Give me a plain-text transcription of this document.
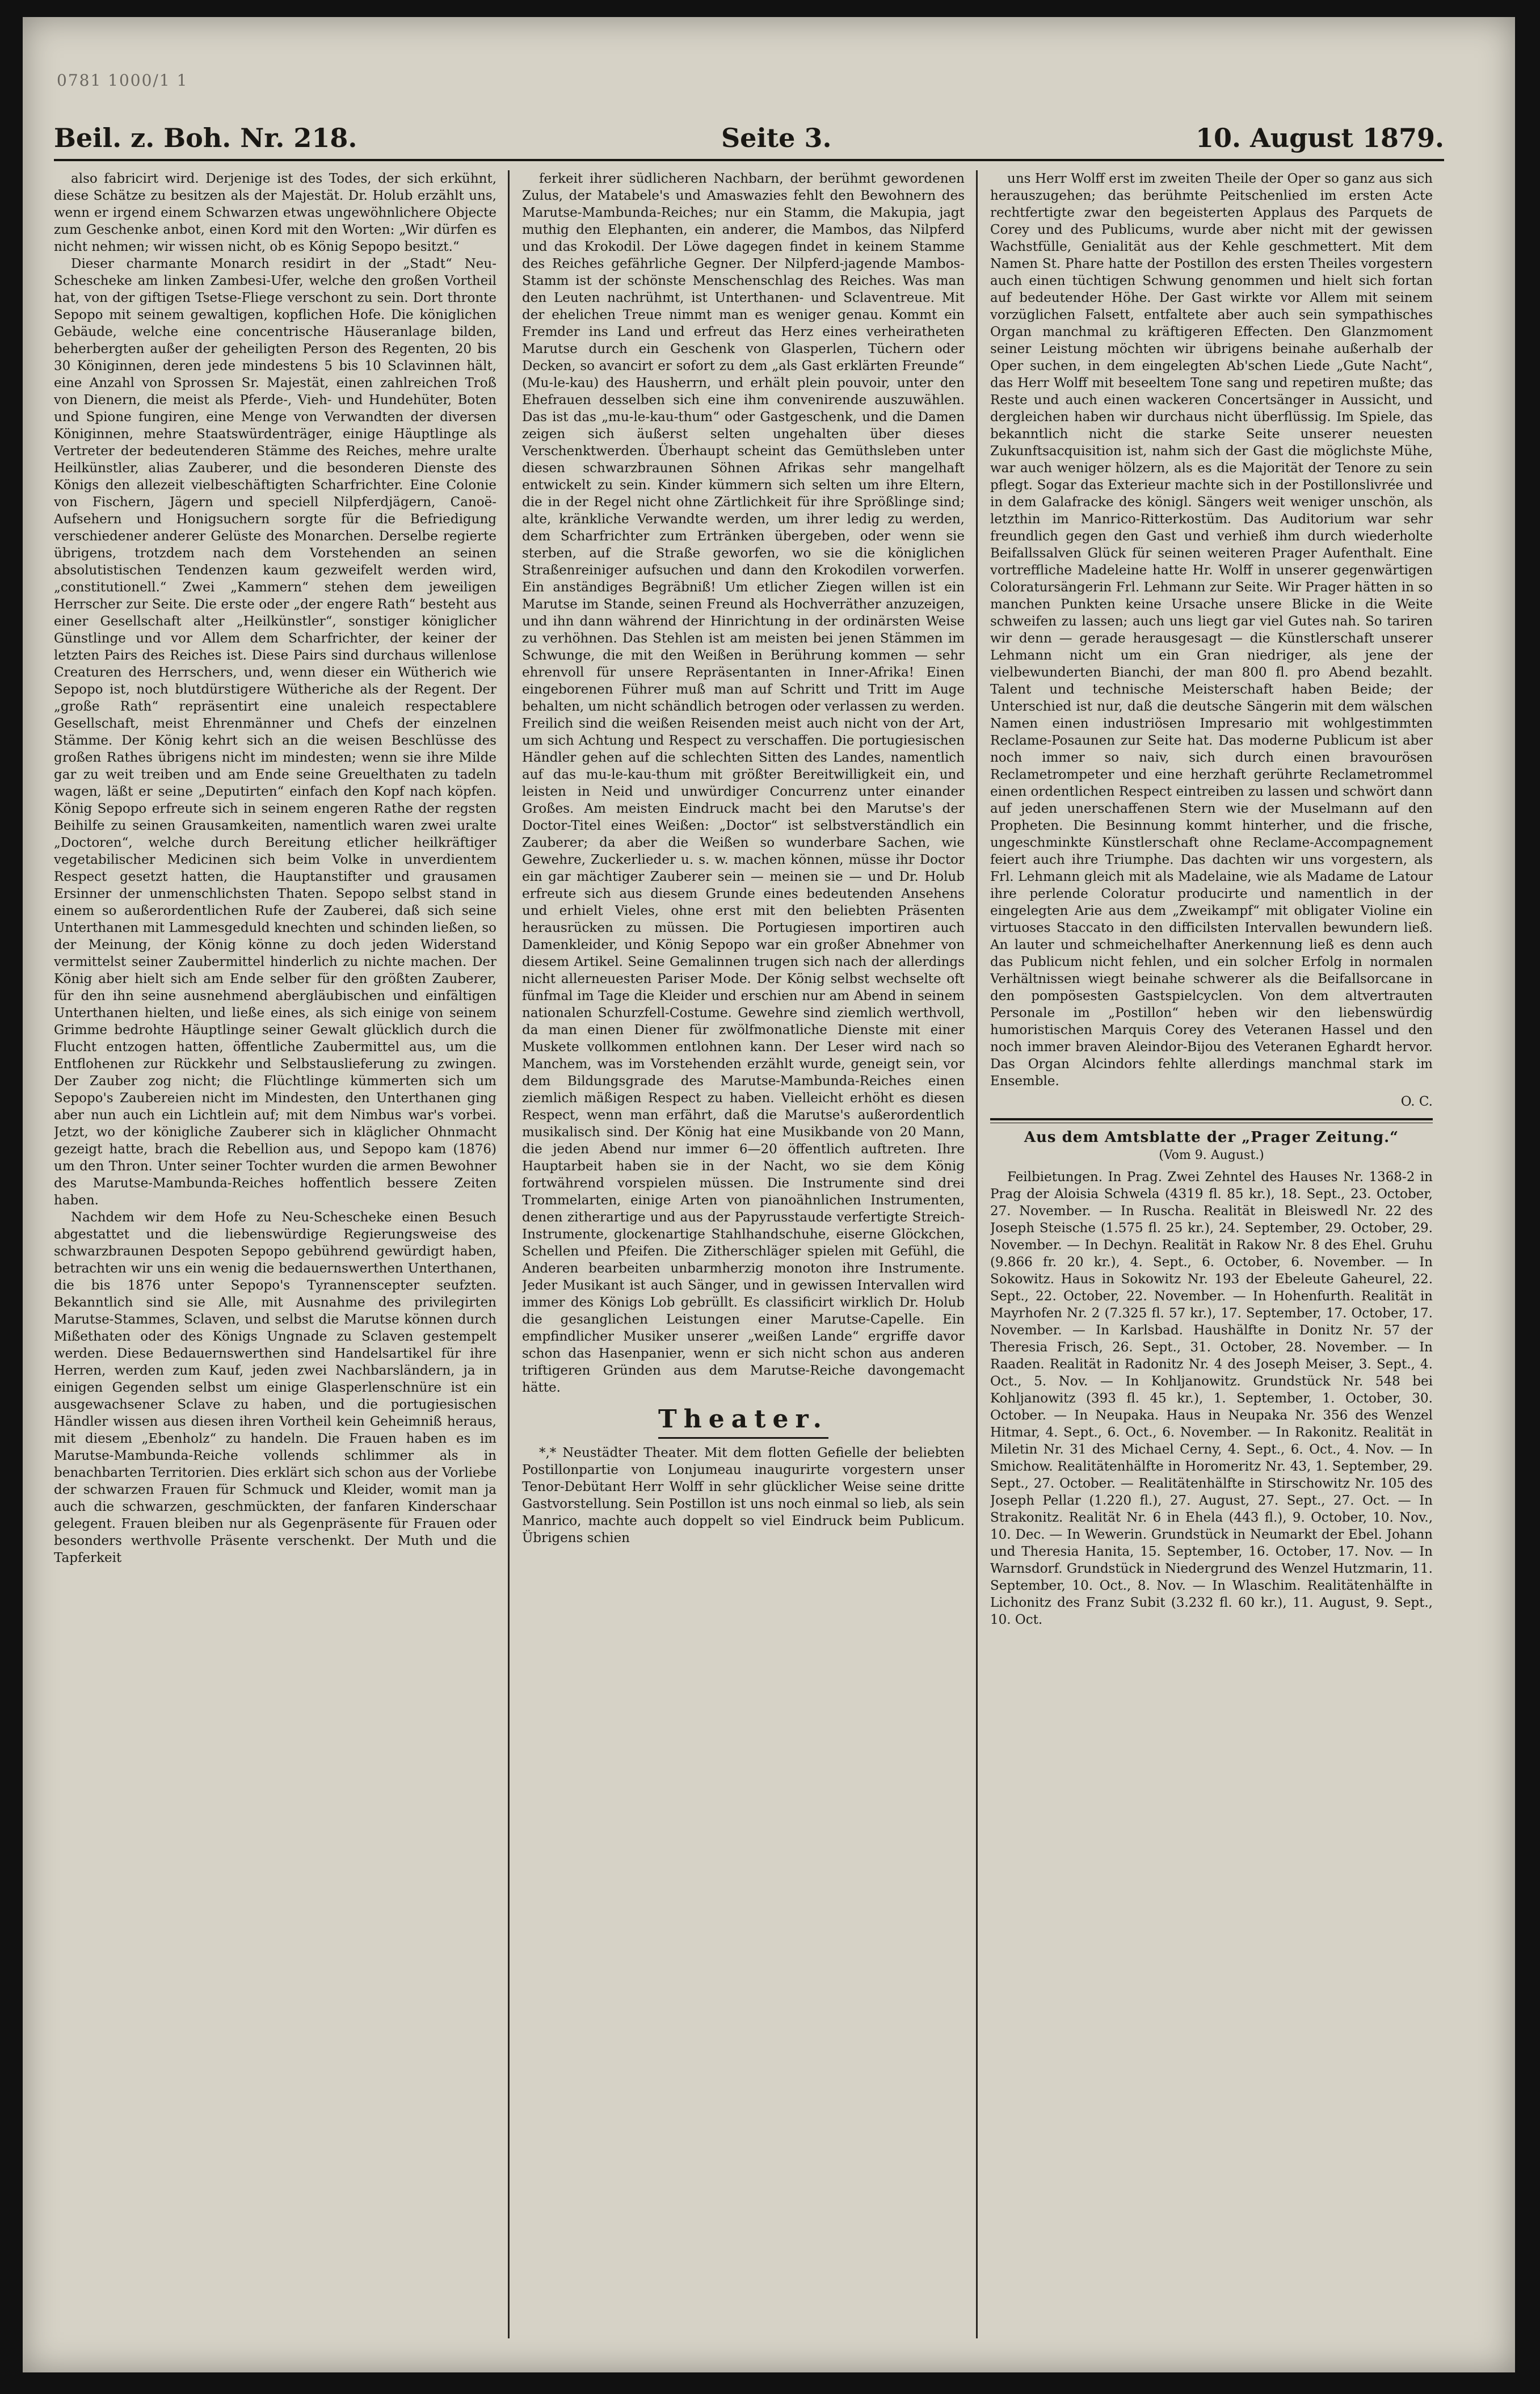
0781 1000/1 1
Beil. z. Boh. Nr. 218.	Seite 3.	10. August 1879.

also fabricirt wird. Derjenige ist des Todes, der sich erkühnt, diese Schätze zu besitzen als der Majestät. Dr. Holub erzählt uns, wenn er irgend einem Schwarzen etwas ungewöhnlichere Objecte zum Geschenke anbot, einen Kord mit den Worten: „Wir dürfen es nicht nehmen; wir wissen nicht, ob es König Sepopo besitzt.“

Dieser charmante Monarch residirt in der „Stadt“ Neu-Schescheke am linken Zambesi-Ufer, welche den großen Vortheil hat, von der giftigen Tsetse-Fliege verschont zu sein. Dort thronte Sepopo mit seinem gewaltigen, kopflichen Hofe. Die königlichen Gebäude, welche eine concentrische Häuseranlage bilden, beherbergten außer der geheiligten Person des Regenten, 20 bis 30 Königinnen, deren jede mindestens 5 bis 10 Sclavinnen hält, eine Anzahl von Sprossen Sr. Majestät, einen zahlreichen Troß von Dienern, die meist als Pferde-, Vieh- und Hundehüter, Boten und Spione fungiren, eine Menge von Verwandten der diversen Königinnen, mehre Staatswürdenträger, einige Häuptlinge als Vertreter der bedeutenderen Stämme des Reiches, mehre uralte Heilkünstler, alias Zauberer, und die besonderen Dienste des Königs den allezeit vielbeschäftigten Scharfrichter. Eine Colonie von Fischern, Jägern und speciell Nilpferdjägern, Canoë-Aufsehern und Honigsuchern sorgte für die Befriedigung verschiedener anderer Gelüste des Monarchen. Derselbe regierte übrigens, trotzdem nach dem Vorstehenden an seinen absolutistischen Tendenzen kaum gezweifelt werden wird, „constitutionell.“ Zwei „Kammern“ stehen dem jeweiligen Herrscher zur Seite. Die erste oder „der engere Rath“ besteht aus einer Gesellschaft alter „Heilkünstler“, sonstiger königlicher Günstlinge und vor Allem dem Scharfrichter, der keiner der letzten Pairs des Reiches ist. Diese Pairs sind durchaus willenlose Creaturen des Herrschers, und, wenn dieser ein Wütherich wie Sepopo ist, noch blutdürstigere Wütheriche als der Regent. Der „große Rath“ repräsentirt eine unaleich respectablere Gesellschaft, meist Ehrenmänner und Chefs der einzelnen Stämme. Der König kehrt sich an die weisen Beschlüsse des großen Rathes übrigens nicht im mindesten; wenn sie ihre Milde gar zu weit treiben und am Ende seine Greuelthaten zu tadeln wagen, läßt er seine „Deputirten“ einfach den Kopf nach köpfen. König Sepopo erfreute sich in seinem engeren Rathe der regsten Beihilfe zu seinen Grausamkeiten, namentlich waren zwei uralte „Doctoren“, welche durch Bereitung etlicher heilkräftiger vegetabilischer Medicinen sich beim Volke in unverdientem Respect gesetzt hatten, die Hauptanstifter und grausamen Ersinner der unmenschlichsten Thaten. Sepopo selbst stand in einem so außerordentlichen Rufe der Zauberei, daß sich seine Unterthanen mit Lammesgeduld knechten und schinden ließen, so der Meinung, der König könne zu doch jeden Widerstand vermittelst seiner Zaubermittel hinderlich zu nichte machen. Der König aber hielt sich am Ende selber für den größten Zauberer, für den ihn seine ausnehmend abergläubischen und einfältigen Unterthanen hielten, und ließe eines, als sich einige von seinem Grimme bedrohte Häuptlinge seiner Gewalt glücklich durch die Flucht entzogen hatten, öffentliche Zaubermittel aus, um die Entflohenen zur Rückkehr und Selbstauslieferung zu zwingen. Der Zauber zog nicht; die Flüchtlinge kümmerten sich um Sepopo's Zaubereien nicht im Mindesten, den Unterthanen ging aber nun auch ein Lichtlein auf; mit dem Nimbus war's vorbei. Jetzt, wo der königliche Zauberer sich in kläglicher Ohnmacht gezeigt hatte, brach die Rebellion aus, und Sepopo kam (1876) um den Thron. Unter seiner Tochter wurden die armen Bewohner des Marutse-Mambunda-Reiches hoffentlich bessere Zeiten haben.

Nachdem wir dem Hofe zu Neu-Schescheke einen Besuch abgestattet und die liebenswürdige Regierungsweise des schwarzbraunen Despoten Sepopo gebührend gewürdigt haben, betrachten wir uns ein wenig die bedauernswerthen Unterthanen, die bis 1876 unter Sepopo's Tyrannenscepter seufzten. Bekanntlich sind sie Alle, mit Ausnahme des privilegirten Marutse-Stammes, Sclaven, und selbst die Marutse können durch Mißethaten oder des Königs Ungnade zu Sclaven gestempelt werden. Diese Bedauernswerthen sind Handelsartikel für ihre Herren, werden zum Kauf, jeden zwei Nachbarsländern, ja in einigen Gegenden selbst um einige Glasperlenschnüre ist ein ausgewachsener Sclave zu haben, und die portugiesischen Händler wissen aus diesen ihren Vortheil kein Geheimniß heraus, mit diesem „Ebenholz“ zu handeln. Die Frauen haben es im Marutse-Mambunda-Reiche vollends schlimmer als in benachbarten Territorien. Dies erklärt sich schon aus der Vorliebe der schwarzen Frauen für Schmuck und Kleider, womit man ja auch die schwarzen, geschmückten, der fanfaren Kinderschaar gelegent. Frauen bleiben nur als Gegenpräsente für Frauen oder besonders werthvolle Präsente verschenkt. Der Muth und die Tapferkeit

ferkeit ihrer südlicheren Nachbarn, der berühmt gewordenen Zulus, der Matabele's und Amaswazies fehlt den Bewohnern des Marutse-Mambunda-Reiches; nur ein Stamm, die Makupia, jagt muthig den Elephanten, ein anderer, die Mambos, das Nilpferd und das Krokodil. Der Löwe dagegen findet in keinem Stamme des Reiches gefährliche Gegner. Der Nilpferd-jagende Mambos-Stamm ist der schönste Menschenschlag des Reiches. Was man den Leuten nachrühmt, ist Unterthanen- und Sclaventreue. Mit der ehelichen Treue nimmt man es weniger genau. Kommt ein Fremder ins Land und erfreut das Herz eines verheiratheten Marutse durch ein Geschenk von Glasperlen, Tüchern oder Decken, so avancirt er sofort zu dem „als Gast erklärten Freunde“ (Mu-le-kau) des Hausherrn, und erhält plein pouvoir, unter den Ehefrauen desselben sich eine ihm convenirende auszuwählen. Das ist das „mu-le-kau-thum“ oder Gastgeschenk, und die Damen zeigen sich äußerst selten ungehalten über dieses Verschenktwerden. Überhaupt scheint das Gemüthsleben unter diesen schwarzbraunen Söhnen Afrikas sehr mangelhaft entwickelt zu sein. Kinder kümmern sich selten um ihre Eltern, die in der Regel nicht ohne Zärtlichkeit für ihre Sprößlinge sind; alte, kränkliche Verwandte werden, um ihrer ledig zu werden, dem Scharfrichter zum Ertränken übergeben, oder wenn sie sterben, auf die Straße geworfen, wo sie die königlichen Straßenreiniger aufsuchen und dann den Krokodilen vorwerfen. Ein anständiges Begräbniß! Um etlicher Ziegen willen ist ein Marutse im Stande, seinen Freund als Hochverräther anzuzeigen, und ihn dann während der Hinrichtung in der ordinärsten Weise zu verhöhnen. Das Stehlen ist am meisten bei jenen Stämmen im Schwunge, die mit den Weißen in Berührung kommen — sehr ehrenvoll für unsere Repräsentanten in Inner-Afrika! Einen eingeborenen Führer muß man auf Schritt und Tritt im Auge behalten, um nicht schändlich betrogen oder verlassen zu werden. Freilich sind die weißen Reisenden meist auch nicht von der Art, um sich Achtung und Respect zu verschaffen. Die portugiesischen Händler gehen auf die schlechten Sitten des Landes, namentlich auf das mu-le-kau-thum mit größter Bereitwilligkeit ein, und leisten in Neid und unwürdiger Concurrenz unter einander Großes. Am meisten Eindruck macht bei den Marutse's der Doctor-Titel eines Weißen: „Doctor“ ist selbstverständlich ein Zauberer; da aber die Weißen so wunderbare Sachen, wie Gewehre, Zuckerlieder u. s. w. machen können, müsse ihr Doctor ein gar mächtiger Zauberer sein — meinen sie — und Dr. Holub erfreute sich aus diesem Grunde eines bedeutenden Ansehens und erhielt Vieles, ohne erst mit den beliebten Präsenten herausrücken zu müssen. Die Portugiesen importiren auch Damenkleider, und König Sepopo war ein großer Abnehmer von diesem Artikel. Seine Gemalinnen trugen sich nach der allerdings nicht allerneuesten Pariser Mode. Der König selbst wechselte oft fünfmal im Tage die Kleider und erschien nur am Abend in seinem nationalen Schurzfell-Costume. Gewehre sind ziemlich werthvoll, da man einen Diener für zwölfmonatliche Dienste mit einer Muskete vollkommen entlohnen kann. Der Leser wird nach so Manchem, was im Vorstehenden erzählt wurde, geneigt sein, vor dem Bildungsgrade des Marutse-Mambunda-Reiches einen ziemlich mäßigen Respect zu haben. Vielleicht erhöht es diesen Respect, wenn man erfährt, daß die Marutse's außerordentlich musikalisch sind. Der König hat eine Musikbande von 20 Mann, die jeden Abend nur immer 6—20 öffentlich auftreten. Ihre Hauptarbeit haben sie in der Nacht, wo sie dem König fortwährend vorspielen müssen. Die Instrumente sind drei Trommelarten, einige Arten von pianoähnlichen Instrumenten, denen zitherartige und aus der Papyrusstaude verfertigte Streich-Instrumente, glockenartige Stahlhandschuhe, eiserne Glöckchen, Schellen und Pfeifen. Die Zitherschläger spielen mit Gefühl, die Anderen bearbeiten unbarmherzig monoton ihre Instrumente. Jeder Musikant ist auch Sänger, und in gewissen Intervallen wird immer des Königs Lob gebrüllt. Es classificirt wirklich Dr. Holub die gesanglichen Leistungen einer Marutse-Capelle. Ein empfindlicher Musiker unserer „weißen Lande“ ergriffe davor schon das Hasenpanier, wenn er sich nicht schon aus anderen triftigeren Gründen aus dem Marutse-Reiche davongemacht hätte.

Theater.

*,* Neustädter Theater. Mit dem flotten Gefielle der beliebten Postillonpartie von Lonjumeau inaugurirte vorgestern unser Tenor-Debütant Herr Wolff in sehr glücklicher Weise seine dritte Gastvorstellung. Sein Postillon ist uns noch einmal so lieb, als sein Manrico, machte auch doppelt so viel Eindruck beim Publicum. Übrigens schien

uns Herr Wolff erst im zweiten Theile der Oper so ganz aus sich herauszugehen; das berühmte Peitschenlied im ersten Acte rechtfertigte zwar den begeisterten Applaus des Parquets de Corey und des Publicums, wurde aber nicht mit der gewissen Wachstfülle, Genialität aus der Kehle geschmettert. Mit dem Namen St. Phare hatte der Postillon des ersten Theiles vorgestern auch einen tüchtigen Schwung genommen und hielt sich fortan auf bedeutender Höhe. Der Gast wirkte vor Allem mit seinem vorzüglichen Falsett, entfaltete aber auch sein sympathisches Organ manchmal zu kräftigeren Effecten. Den Glanzmoment seiner Leistung möchten wir übrigens beinahe außerhalb der Oper suchen, in dem eingelegten Ab'schen Liede „Gute Nacht“, das Herr Wolff mit beseeltem Tone sang und repetiren mußte; das Reste und auch einen wackeren Concertsänger in Aussicht, und dergleichen haben wir durchaus nicht überflüssig. Im Spiele, das bekanntlich nicht die starke Seite unserer neuesten Zukunftsacquisition ist, nahm sich der Gast die möglichste Mühe, war auch weniger hölzern, als es die Majorität der Tenore zu sein pflegt. Sogar das Exterieur machte sich in der Postillonslivrée und in dem Galafracke des königl. Sängers weit weniger unschön, als letzthin im Manrico-Ritterkostüm. Das Auditorium war sehr freundlich gegen den Gast und verhieß ihm durch wiederholte Beifallssalven Glück für seinen weiteren Prager Aufenthalt. Eine vortreffliche Madeleine hatte Hr. Wolff in unserer gegenwärtigen Coloratursängerin Frl. Lehmann zur Seite. Wir Prager hätten in so manchen Punkten keine Ursache unsere Blicke in die Weite schweifen zu lassen; auch uns liegt gar viel Gutes nah. So tariren wir denn — gerade herausgesagt — die Künstlerschaft unserer Lehmann nicht um ein Gran niedriger, als jene der vielbewunderten Bianchi, der man 800 fl. pro Abend bezahlt. Talent und technische Meisterschaft haben Beide; der Unterschied ist nur, daß die deutsche Sängerin mit dem wälschen Namen einen industriösen Impresario mit wohlgestimmten Reclame-Posaunen zur Seite hat. Das moderne Publicum ist aber noch immer so naiv, sich durch einen bravourösen Reclametrompeter und eine herzhaft gerührte Reclametrommel einen ordentlichen Respect eintreiben zu lassen und schwört dann auf jeden unerschaffenen Stern wie der Muselmann auf den Propheten. Die Besinnung kommt hinterher, und die frische, ungeschminkte Künstlerschaft ohne Reclame-Accompagnement feiert auch ihre Triumphe. Das dachten wir uns vorgestern, als Frl. Lehmann gleich mit als Madelaine, wie als Madame de Latour ihre perlende Coloratur producirte und namentlich in der eingelegten Arie aus dem „Zweikampf“ mit obligater Violine ein virtuoses Staccato in den difficilsten Intervallen bewundern ließ. An lauter und schmeichelhafter Anerkennung ließ es denn auch das Publicum nicht fehlen, und ein solcher Erfolg in normalen Verhältnissen wiegt beinahe schwerer als die Beifallsorcane in den pompösesten Gastspielcyclen. Von dem altvertrauten Personale im „Postillon“ heben wir den liebenswürdig humoristischen Marquis Corey des Veteranen Hassel und den noch immer braven Aleindor-Bijou des Veteranen Eghardt hervor. Das Organ Alcindors fehlte allerdings manchmal stark im Ensemble.

O. C.
Aus dem Amtsblatte der „Prager Zeitung.“
(Vom 9. August.)

Feilbietungen. In Prag. Zwei Zehntel des Hauses Nr. 1368-2 in Prag der Aloisia Schwela (4319 fl. 85 kr.), 18. Sept., 23. October, 27. November. — In Ruscha. Realität in Bleiswedl Nr. 22 des Joseph Steische (1.575 fl. 25 kr.), 24. September, 29. October, 29. November. — In Dechyn. Realität in Rakow Nr. 8 des Ehel. Gruhu (9.866 fr. 20 kr.), 4. Sept., 6. October, 6. November. — In Sokowitz. Haus in Sokowitz Nr. 193 der Ebeleute Gaheurel, 22. Sept., 22. October, 22. November. — In Hohenfurth. Realität in Mayrhofen Nr. 2 (7.325 fl. 57 kr.), 17. September, 17. October, 17. November. — In Karlsbad. Haushälfte in Donitz Nr. 57 der Theresia Frisch, 26. Sept., 31. October, 28. November. — In Raaden. Realität in Radonitz Nr. 4 des Joseph Meiser, 3. Sept., 4. Oct., 5. Nov. — In Kohljanowitz. Grundstück Nr. 548 bei Kohljanowitz (393 fl. 45 kr.), 1. September, 1. October, 30. October. — In Neupaka. Haus in Neupaka Nr. 356 des Wenzel Hitmar, 4. Sept., 6. Oct., 6. November. — In Rakonitz. Realität in Miletin Nr. 31 des Michael Cerny, 4. Sept., 6. Oct., 4. Nov. — In Smichow. Realitätenhälfte in Horomeritz Nr. 43, 1. September, 29. Sept., 27. October. — Realitätenhälfte in Stirschowitz Nr. 105 des Joseph Pellar (1.220 fl.), 27. August, 27. Sept., 27. Oct. — In Strakonitz. Realität Nr. 6 in Ehela (443 fl.), 9. October, 10. Nov., 10. Dec. — In Wewerin. Grundstück in Neumarkt der Ebel. Johann und Theresia Hanita, 15. September, 16. October, 17. Nov. — In Warnsdorf. Grundstück in Niedergrund des Wenzel Hutzmarin, 11. September, 10. Oct., 8. Nov. — In Wlaschim. Realitätenhälfte in Lichonitz des Franz Subit (3.232 fl. 60 kr.), 11. August, 9. Sept., 10. Oct.
